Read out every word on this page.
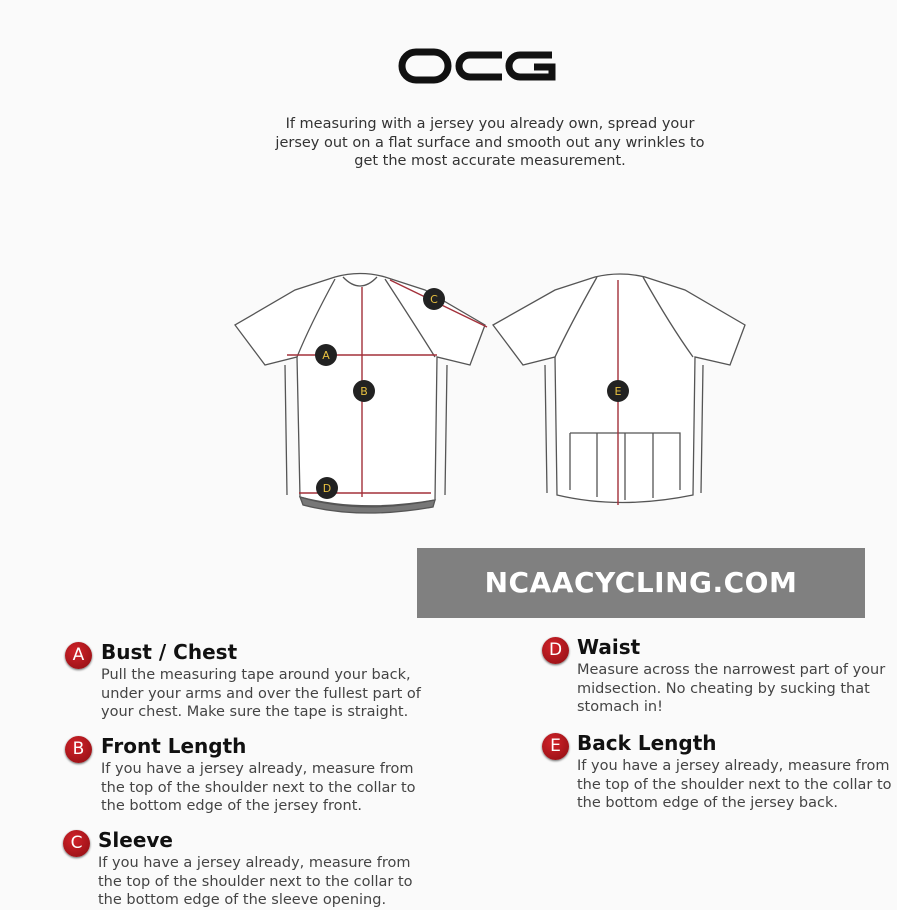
If measuring with a jersey you already own, spread your
jersey out on a flat surface and smooth out any wrinkles to
get the most accurate measurement.
A
B
C
D
E
A Bust / Chest
Pull the measuring tape around your back,
under your arms and over the fullest part of
your chest. Make sure the tape is straight.
B Front Length
If you have a jersey already, measure from
the top of the shoulder next to the collar to
the bottom edge of the jersey front.
C Sleeve
If you have a jersey already, measure from
the top of the shoulder next to the collar to
the bottom edge of the sleeve opening.
D Waist
Measure across the narrowest part of your
midsection. No cheating by sucking that
stomach in!
E Back Length
If you have a jersey already, measure from
the top of the shoulder next to the collar to
the bottom edge of the jersey back.
NCAACYCLING.COM
